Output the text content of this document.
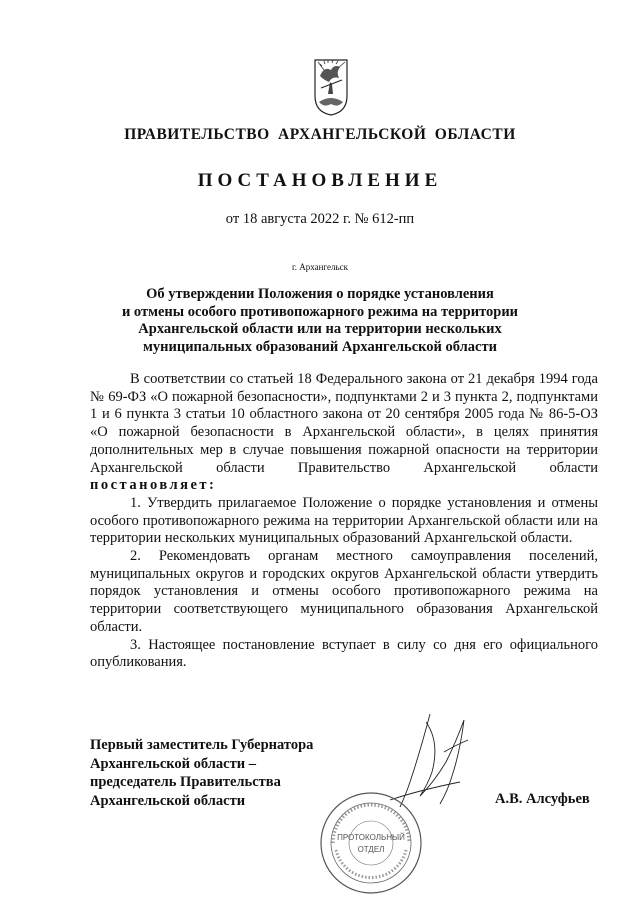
ПРАВИТЕЛЬСТВО АРХАНГЕЛЬСКОЙ ОБЛАСТИ
ПОСТАНОВЛЕНИЕ
от 18 августа 2022 г. № 612-пп
г. Архангельск
Об утверждении Положения о порядке установления
и отмены особого противопожарного режима на территории
Архангельской области или на территории нескольких
муниципальных образований Архангельской области

В соответствии со статьей 18 Федерального закона от 21 декабря 1994 года № 69-ФЗ «О пожарной безопасности», подпунктами 2 и 3 пункта 2, подпунктами 1 и 6 пункта 3 статьи 10 областного закона от 20 сентября 2005 года № 86-5-ОЗ «О пожарной безопасности в Архангельской области», в целях принятия дополнительных мер в случае повышения пожарной опасности на территории Архангельской области Правительство Архангельской области постановляет:

1. Утвердить прилагаемое Положение о порядке установления и отмены особого противопожарного режима на территории Архангельской области или на территории нескольких муниципальных образований Архангельской области.

2. Рекомендовать органам местного самоуправления поселений, муниципальных округов и городских округов Архангельской области утвердить порядок установления и отмены особого противопожарного режима на территории соответствующего муниципального образования Архангельской области.

3. Настоящее постановление вступает в силу со дня его официального опубликования.

Первый заместитель Губернатора
Архангельской области –
председатель Правительства
Архангельской области	А.В. Алсуфьев
ПРОТОКОЛЬНЫЙ
ОТДЕЛ
